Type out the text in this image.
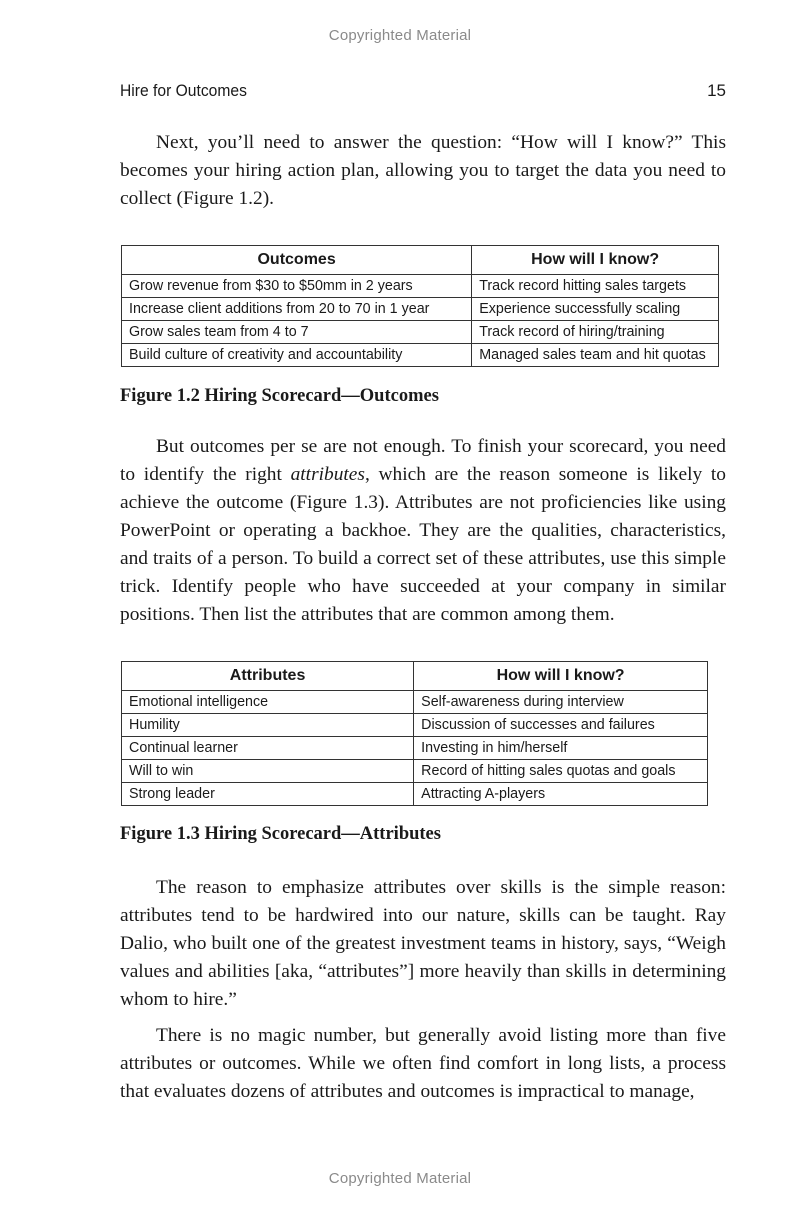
Copyrighted Material
Hire for Outcomes	15

Next, you’ll need to answer the question: “How will I know?” This becomes your hiring action plan, allowing you to target the data you need to collect (Figure 1.2).

Outcomes	How will I know?
Grow revenue from $30 to $50mm in 2 years	Track record hitting sales targets
Increase client additions from 20 to 70 in 1 year	Experience successfully scaling
Grow sales team from 4 to 7	Track record of hiring/training
Build culture of creativity and accountability	Managed sales team and hit quotas

Figure 1.2 Hiring Scorecard—Outcomes

But outcomes per se are not enough. To finish your scorecard, you need to identify the right attributes, which are the reason someone is likely to achieve the outcome (Figure 1.3). Attributes are not proficiencies like using PowerPoint or operating a backhoe. They are the qualities, characteristics, and traits of a person. To build a correct set of these attributes, use this simple trick. Identify people who have succeeded at your company in similar positions. Then list the attributes that are common among them.

Attributes	How will I know?
Emotional intelligence	Self-awareness during interview
Humility	Discussion of successes and failures
Continual learner	Investing in him/herself
Will to win	Record of hitting sales quotas and goals
Strong leader	Attracting A-players

Figure 1.3 Hiring Scorecard—Attributes

The reason to emphasize attributes over skills is the simple reason: attributes tend to be hardwired into our nature, skills can be taught. Ray Dalio, who built one of the greatest investment teams in history, says, “Weigh values and abilities [aka, “attributes”] more heavily than skills in determining whom to hire.”

There is no magic number, but generally avoid listing more than five attributes or outcomes. While we often find comfort in long lists, a process that evaluates dozens of attributes and outcomes is impractical to manage,

Copyrighted Material
